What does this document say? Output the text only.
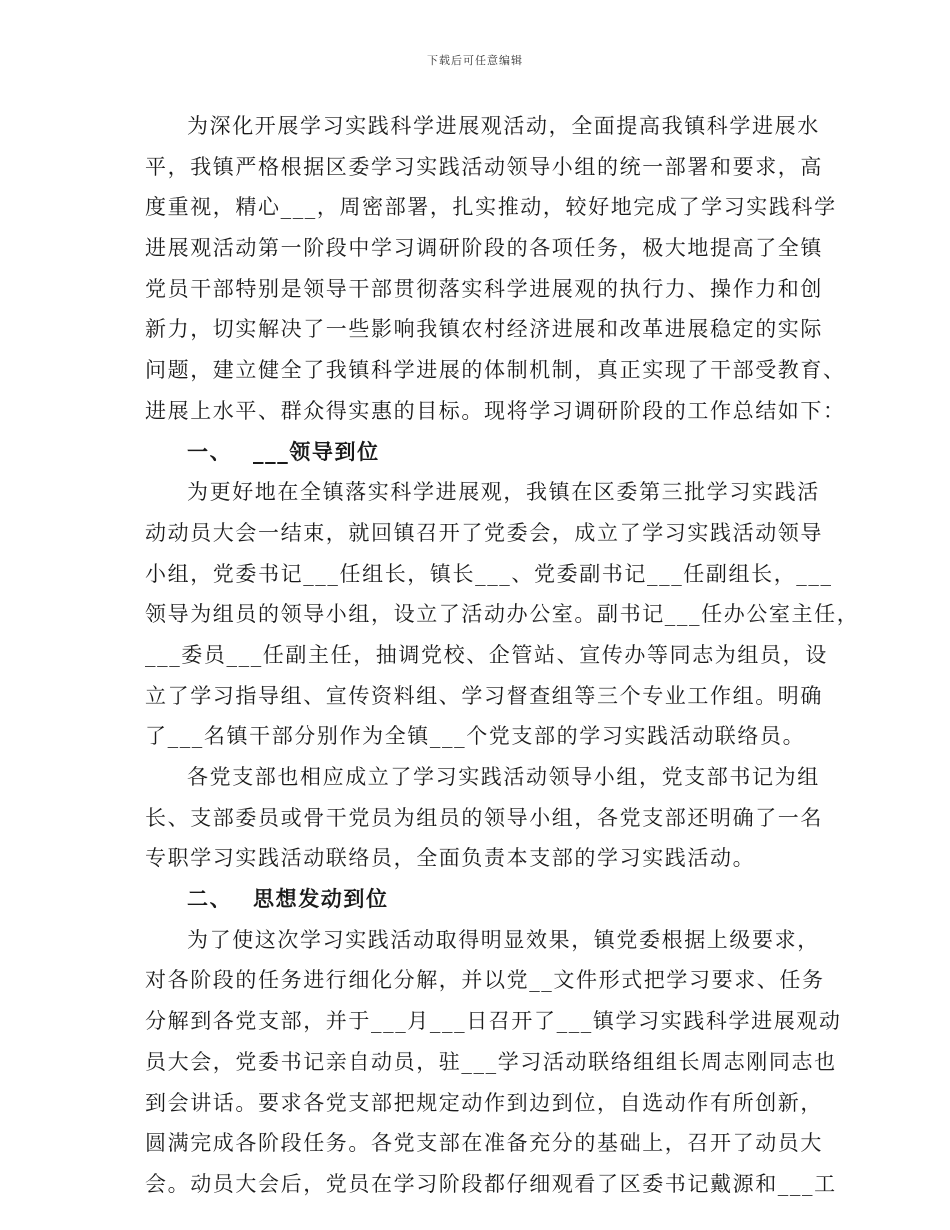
下载后可任意编辑
为深化开展学习实践科学进展观活动，全面提高我镇科学进展水
平，我镇严格根据区委学习实践活动领导小组的统一部署和要求，高
度重视，精心___，周密部署，扎实推动，较好地完成了学习实践科学
进展观活动第一阶段中学习调研阶段的各项任务，极大地提高了全镇
党员干部特别是领导干部贯彻落实科学进展观的执行力、操作力和创
新力，切实解决了一些影响我镇农村经济进展和改革进展稳定的实际
问题，建立健全了我镇科学进展的体制机制，真正实现了干部受教育、
进展上水平、群众得实惠的目标。现将学习调研阶段的工作总结如下：
一、 ___领导到位
为更好地在全镇落实科学进展观，我镇在区委第三批学习实践活
动动员大会一结束，就回镇召开了党委会，成立了学习实践活动领导
小组，党委书记___任组长，镇长___、党委副书记___任副组长，___
领导为组员的领导小组，设立了活动办公室。副书记___任办公室主任，
___委员___任副主任，抽调党校、企管站、宣传办等同志为组员，设
立了学习指导组、宣传资料组、学习督查组等三个专业工作组。明确
了___名镇干部分别作为全镇___个党支部的学习实践活动联络员。
各党支部也相应成立了学习实践活动领导小组，党支部书记为组
长、支部委员或骨干党员为组员的领导小组，各党支部还明确了一名
专职学习实践活动联络员，全面负责本支部的学习实践活动。
二、 思想发动到位
为了使这次学习实践活动取得明显效果，镇党委根据上级要求，
对各阶段的任务进行细化分解，并以党__文件形式把学习要求、任务
分解到各党支部，并于___月___日召开了___镇学习实践科学进展观动
员大会，党委书记亲自动员，驻___学习活动联络组组长周志刚同志也
到会讲话。要求各党支部把规定动作到边到位，自选动作有所创新，
圆满完成各阶段任务。各党支部在准备充分的基础上，召开了动员大
会。动员大会后，党员在学习阶段都仔细观看了区委书记戴源和___工
